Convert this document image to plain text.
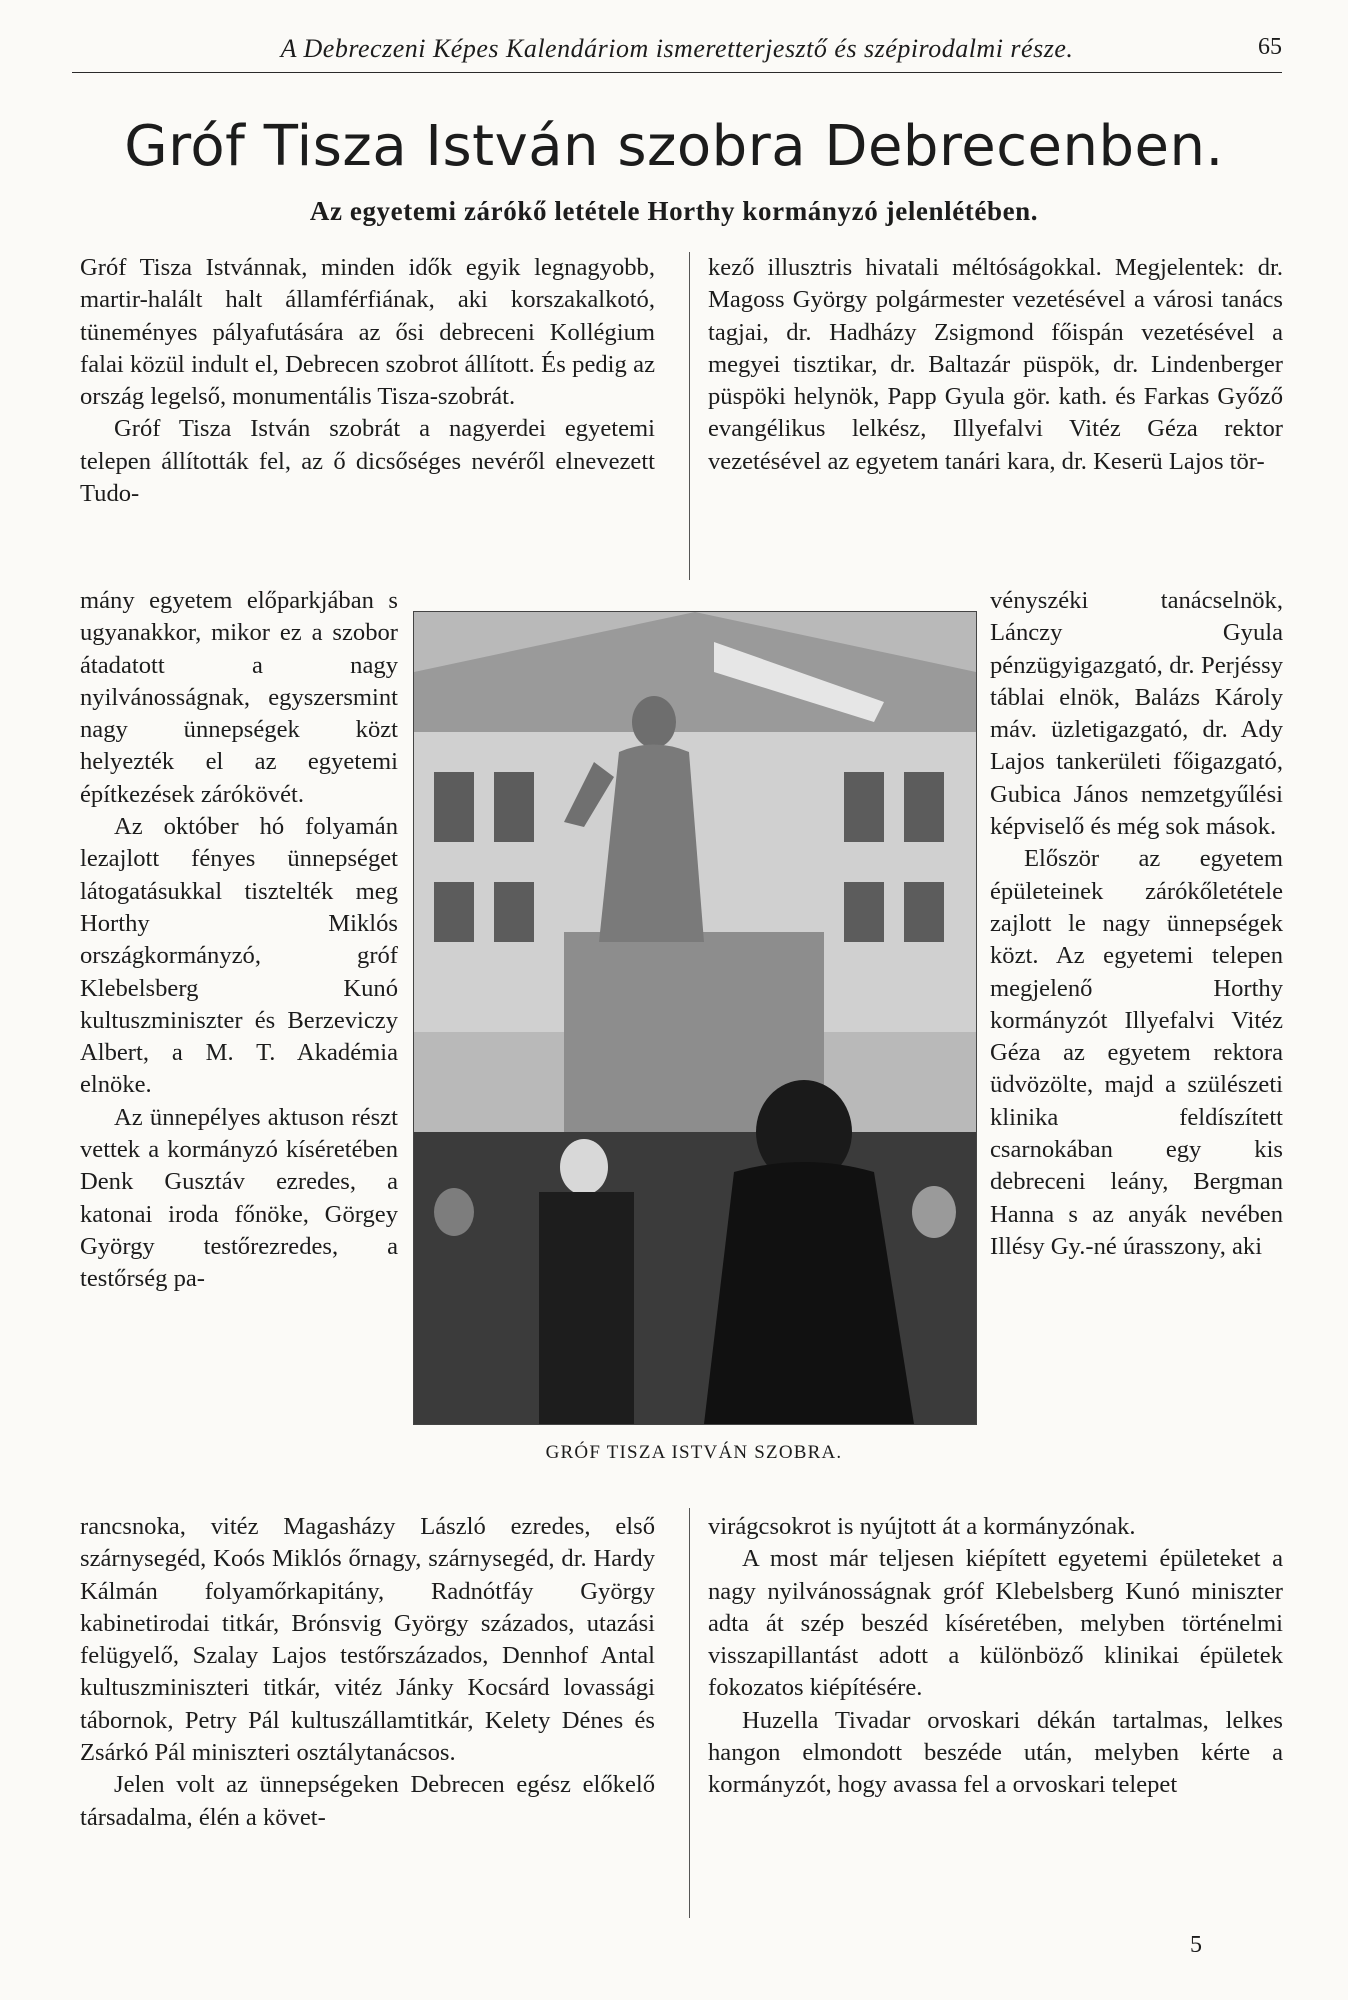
A Debreczeni Képes Kalendáriom ismeretterjesztő és szépirodalmi része.	65
Gróf Tisza István szobra Debrecenben.
Az egyetemi zárókő letétele Horthy kormányzó jelenlétében.

Gróf Tisza Istvánnak, minden idők egyik legnagyobb, martir-halált halt államférfiának, aki korszakalkotó, tüneményes pályafutására az ősi debreceni Kollégium falai közül indult el, Debrecen szobrot állított. És pedig az ország legelső, monumentális Tisza-szobrát.

Gróf Tisza István szobrát a nagyerdei egyetemi telepen állították fel, az ő dicsőséges nevéről elnevezett Tudo-

kező illusztris hivatali méltóságokkal. Megjelentek: dr. Magoss György polgármester vezetésével a városi tanács tagjai, dr. Hadházy Zsigmond főispán vezetésével a megyei tisztikar, dr. Baltazár püspök, dr. Lindenberger püspöki helynök, Papp Gyula gör. kath. és Farkas Győző evangélikus lelkész, Illyefalvi Vitéz Géza rektor vezetésével az egyetem tanári kara, dr. Keserü Lajos tör-

mány egyetem előparkjában s ugyanakkor, mikor ez a szobor átadatott a nagy nyilvánosságnak, egyszersmint nagy ünnepségek közt helyezték el az egyetemi építkezések zárókövét.

Az október hó folyamán lezajlott fényes ünnepséget látogatásukkal tisztelték meg Horthy Miklós országkormányzó, gróf Klebelsberg Kunó kultuszminiszter és Berzeviczy Albert, a M. T. Akadémia elnöke.

Az ünnepélyes aktuson részt vettek a kormányzó kíséretében Denk Gusztáv ezredes, a katonai iroda főnöke, Görgey György testőrezredes, a testőrség pa-

GRÓF TISZA ISTVÁN SZOBRA.

vényszéki tanácselnök, Lánczy Gyula pénzügyigazgató, dr. Perjéssy táblai elnök, Balázs Károly máv. üzletigazgató, dr. Ady Lajos tankerületi főigazgató, Gubica János nemzetgyűlési képviselő és még sok mások.

Először az egyetem épületeinek zárókőletétele zajlott le nagy ünnepségek közt. Az egyetemi telepen megjelenő Horthy kormányzót Illyefalvi Vitéz Géza az egyetem rektora üdvözölte, majd a szülészeti klinika feldíszített csarnokában egy kis debreceni leány, Bergman Hanna s az anyák nevében Illésy Gy.-né úrasszony, aki

rancsnoka, vitéz Magasházy László ezredes, első szárnysegéd, Koós Miklós őrnagy, szárnysegéd, dr. Hardy Kálmán folyamőrkapitány, Radnótfáy György kabinetirodai titkár, Brónsvig György százados, utazási felügyelő, Szalay Lajos testőrszázados, Dennhof Antal kultuszminiszteri titkár, vitéz Jánky Kocsárd lovassági tábornok, Petry Pál kultuszállamtitkár, Kelety Dénes és Zsárkó Pál miniszteri osztálytanácsos.

Jelen volt az ünnepségeken Debrecen egész előkelő társadalma, élén a követ-

virágcsokrot is nyújtott át a kormányzónak.

A most már teljesen kiépített egyetemi épületeket a nagy nyilvánosságnak gróf Klebelsberg Kunó miniszter adta át szép beszéd kíséretében, melyben történelmi visszapillantást adott a különböző klinikai épületek fokozatos kiépítésére.

Huzella Tivadar orvoskari dékán tartalmas, lelkes hangon elmondott beszéde után, melyben kérte a kormányzót, hogy avassa fel a orvoskari telepet

5
